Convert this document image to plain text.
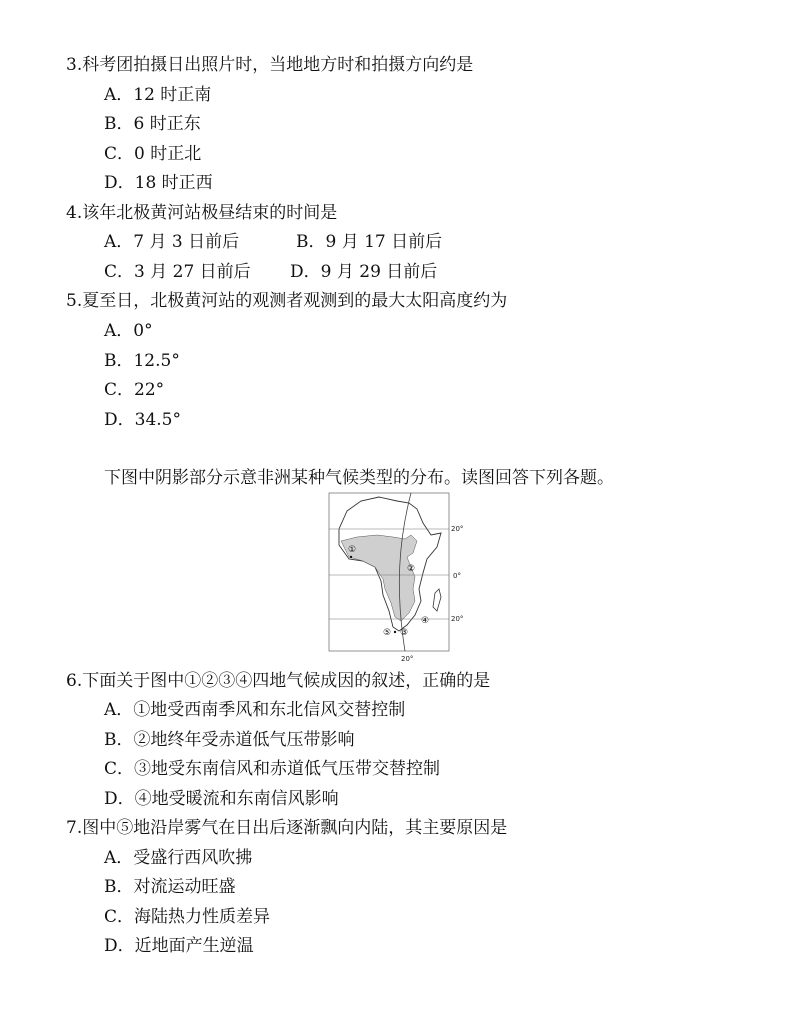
3.科考团拍摄日出照片时，当地地方时和拍摄方向约是
A．12 时正南
B．6 时正东
C．0 时正北
D．18 时正西
4.该年北极黄河站极昼结束的时间是
A．7 月 3 日前后	B．9 月 17 日前后
C．3 月 27 日前后 D．9 月 29 日前后
5.夏至日，北极黄河站的观测者观测到的最大太阳高度约为
A．0°
B．12.5°
C．22°
D．34.5°
下图中阴影部分示意非洲某种气候类型的分布。读图回答下列各题。
20°
0°
20°
20°
①
②
③
④
⑤
6.下面关于图中①②③④四地气候成因的叙述，正确的是
A．①地受西南季风和东北信风交替控制
B．②地终年受赤道低气压带影响
C．③地受东南信风和赤道低气压带交替控制
D．④地受暖流和东南信风影响
7.图中⑤地沿岸雾气在日出后逐渐飘向内陆，其主要原因是
A．受盛行西风吹拂
B．对流运动旺盛
C．海陆热力性质差异
D．近地面产生逆温
